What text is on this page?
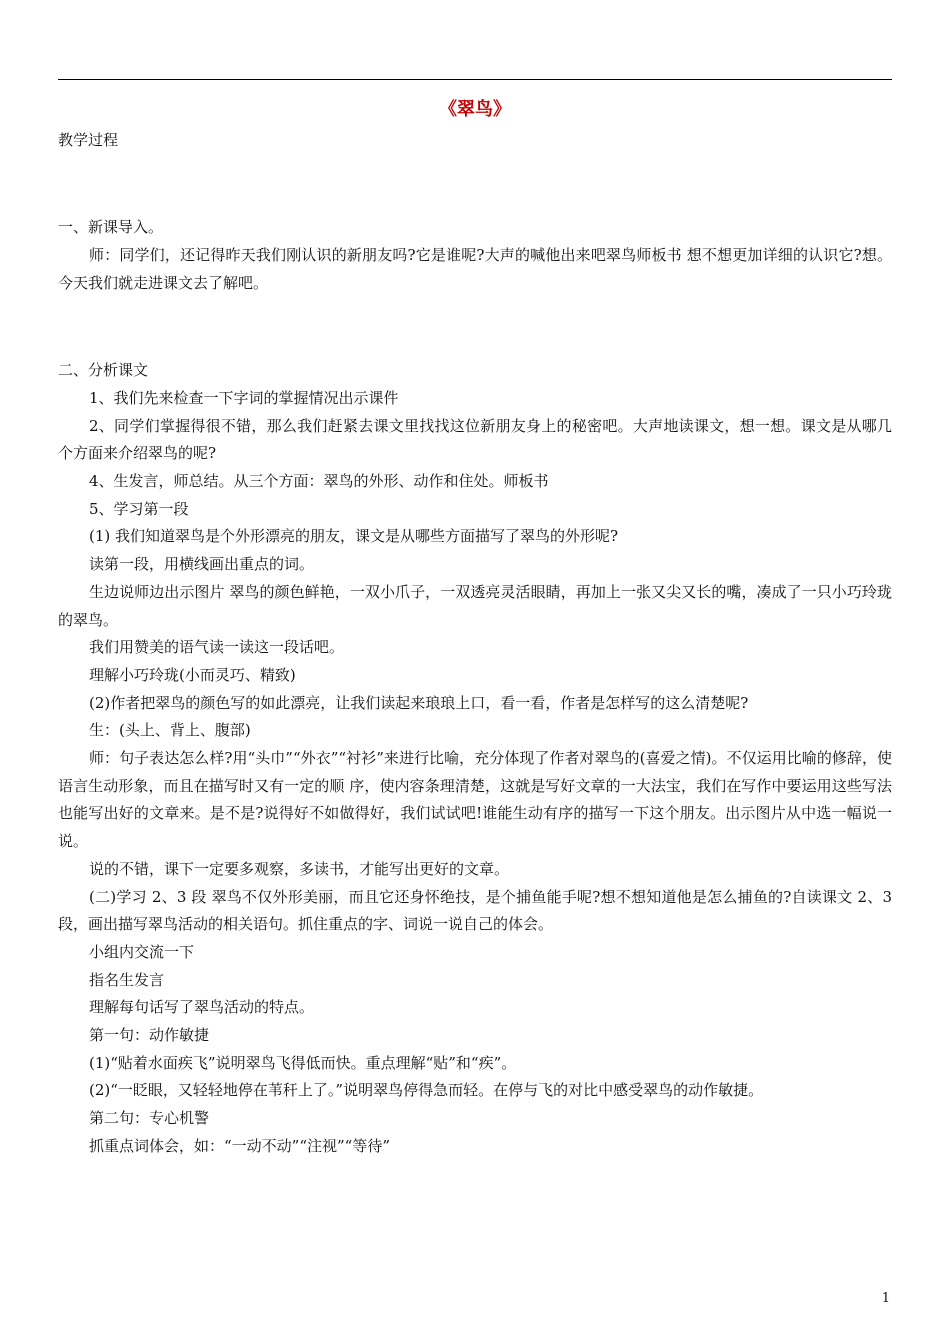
《翠鸟》

教学过程

一、新课导入。

师：同学们，还记得昨天我们刚认识的新朋友吗?它是谁呢?大声的喊他出来吧翠鸟师板书 想不想更加详细的认识它?想。今天我们就走进课文去了解吧。

二、分析课文

1、我们先来检查一下字词的掌握情况出示课件

2、同学们掌握得很不错，那么我们赶紧去课文里找找这位新朋友身上的秘密吧。大声地读课文，想一想。课文是从哪几个方面来介绍翠鸟的呢?

4、生发言，师总结。从三个方面：翠鸟的外形、动作和住处。师板书

5、学习第一段

(1) 我们知道翠鸟是个外形漂亮的朋友，课文是从哪些方面描写了翠鸟的外形呢?

读第一段，用横线画出重点的词。

生边说师边出示图片 翠鸟的颜色鲜艳，一双小爪子，一双透亮灵活眼睛，再加上一张又尖又长的嘴，凑成了一只小巧玲珑的翠鸟。

我们用赞美的语气读一读这一段话吧。

理解小巧玲珑(小而灵巧、精致)

(2)作者把翠鸟的颜色写的如此漂亮，让我们读起来琅琅上口，看一看，作者是怎样写的这么清楚呢?

生：(头上、背上、腹部)

师：句子表达怎么样?用“头巾”“外衣”“衬衫”来进行比喻，充分体现了作者对翠鸟的(喜爱之情)。不仅运用比喻的修辞，使语言生动形象，而且在描写时又有一定的顺 序，使内容条理清楚，这就是写好文章的一大法宝，我们在写作中要运用这些写法也能写出好的文章来。是不是?说得好不如做得好，我们试试吧!谁能生动有序的描写一下这个朋友。出示图片从中选一幅说一说。

说的不错，课下一定要多观察，多读书，才能写出更好的文章。

(二)学习 2、3 段 翠鸟不仅外形美丽，而且它还身怀绝技，是个捕鱼能手呢?想不想知道他是怎么捕鱼的?自读课文 2、3 段，画出描写翠鸟活动的相关语句。抓住重点的字、词说一说自己的体会。

小组内交流一下

指名生发言

理解每句话写了翠鸟活动的特点。

第一句：动作敏捷

(1)“贴着水面疾飞”说明翠鸟飞得低而快。重点理解“贴”和“疾”。

(2)“一眨眼，又轻轻地停在苇秆上了。”说明翠鸟停得急而轻。在停与飞的对比中感受翠鸟的动作敏捷。

第二句：专心机警

抓重点词体会，如：“一动不动”“注视”“等待”

1
